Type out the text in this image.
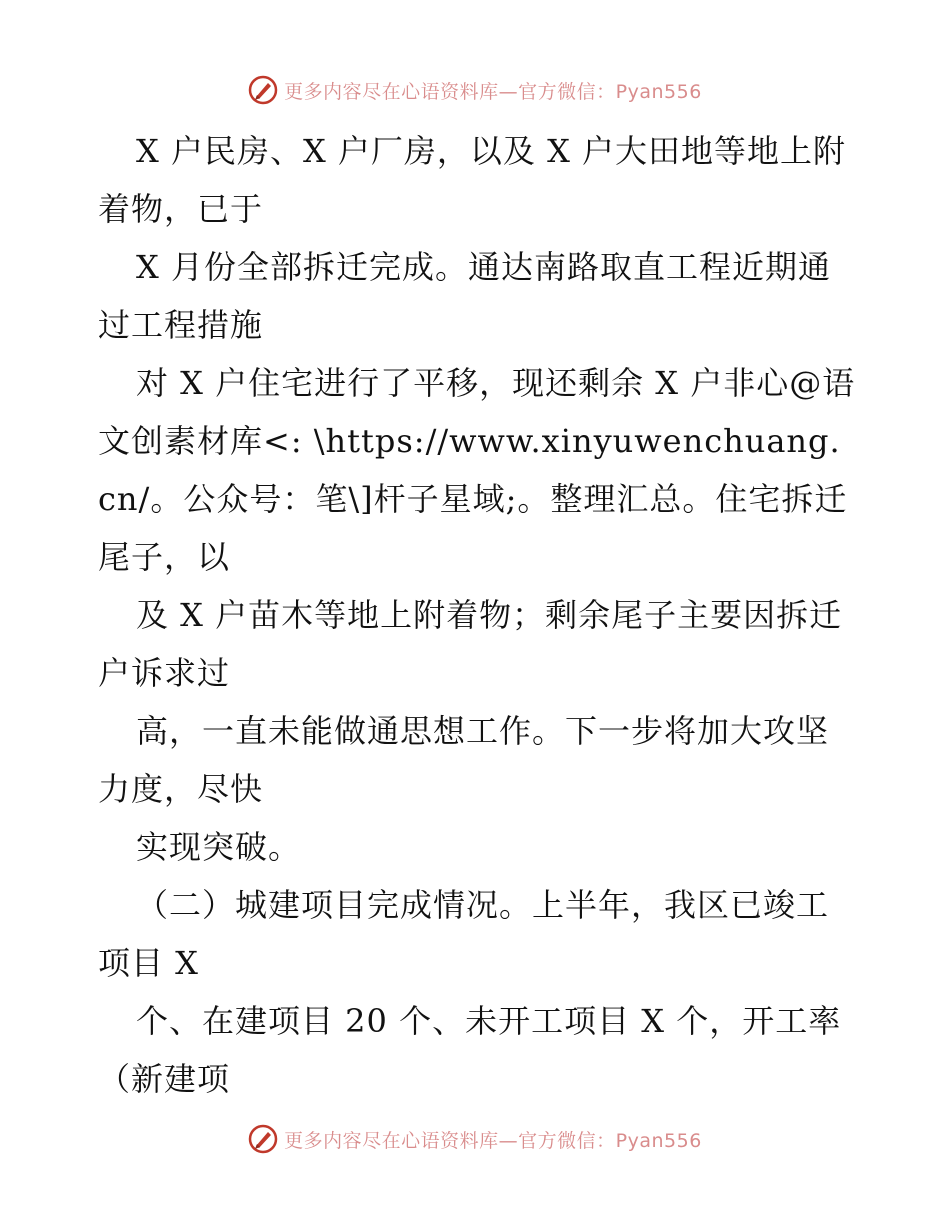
更多内容尽在心语资料库—官方微信：Pyan556

X 户民房、X 户厂房，以及 X 户大田地等地上附着物，已于

X 月份全部拆迁完成。通达南路取直工程近期通过工程措施

对 X 户住宅进行了平移，现还剩余 X 户非心@语文创素材库<: \https://www.xinyuwenchuang.cn/。公众号：笔\]杆子星域;。整理汇总。住宅拆迁尾子，以

及 X 户苗木等地上附着物；剩余尾子主要因拆迁户诉求过

高，一直未能做通思想工作。下一步将加大攻坚力度，尽快

实现突破。

（二）城建项目完成情况。上半年，我区已竣工项目 X

个、在建项目 20 个、未开工项目 X 个，开工率（新建项

更多内容尽在心语资料库—官方微信：Pyan556
